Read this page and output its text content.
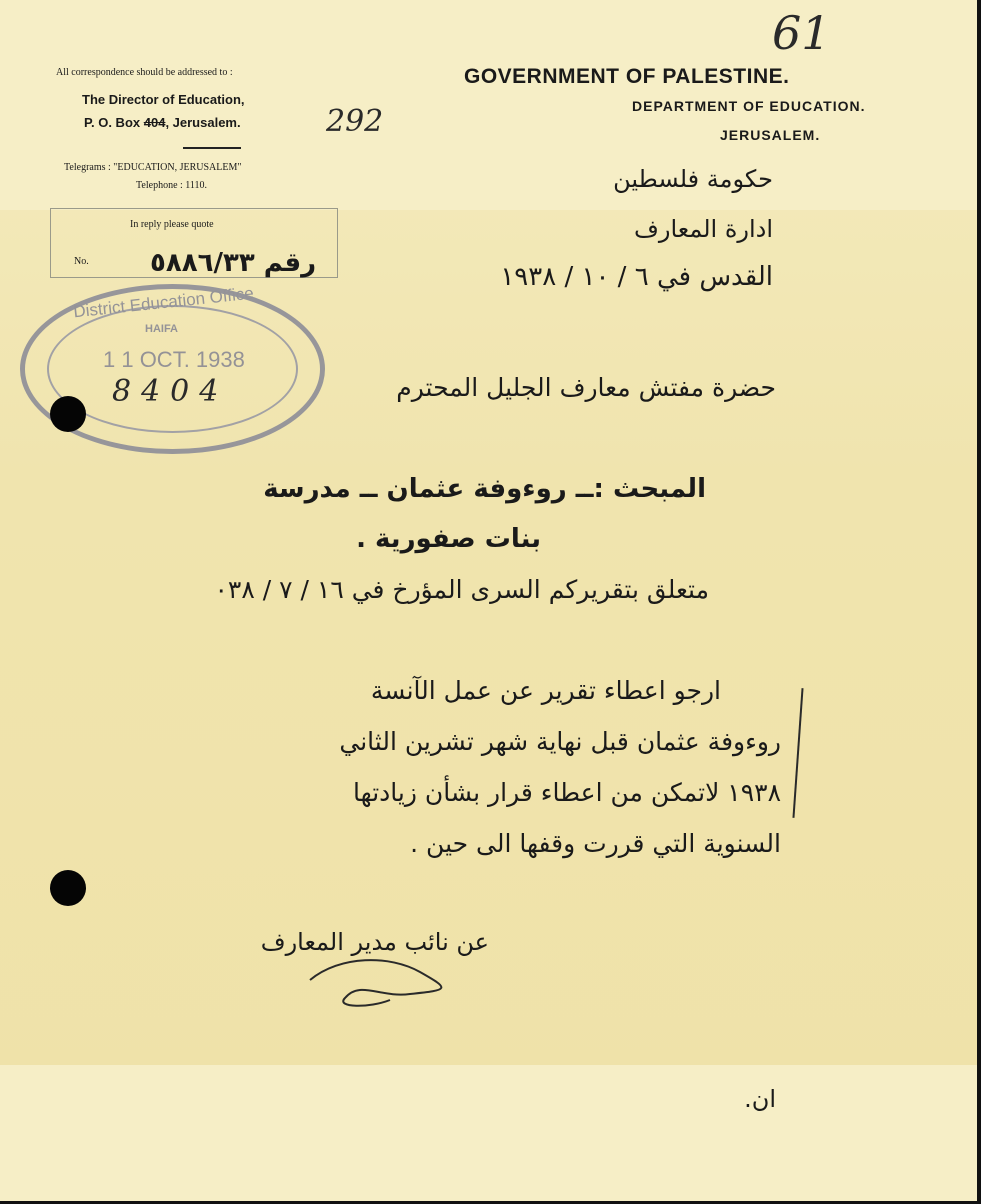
61
All correspondence should be addressed to :
The Director of Education,
P. O. Box 404, Jerusalem.	292
Telegrams : "EDUCATION, JERUSALEM"
Telephone : 1110.
In reply please quote
No. رقم ٥٨٨٦/٣٣
GOVERNMENT OF PALESTINE.
DEPARTMENT OF EDUCATION.
JERUSALEM.
حكومة فلسطين
ادارة المعارف
القدس في ٦ / ١٠ / ١٩٣٨
District Education Office
HAIFA
1 1 OCT. 1938
8404	حضرة مفتش معارف الجليل المحترم
المبحث :ــ روءوفة عثمان ــ مدرسة
بنات صفورية .
متعلق بتقريركم السرى المؤرخ في ١٦ / ٧ / ٠٣٨
ارجو اعطاء تقرير عن عمل الآنسة
روءوفة عثمان قبل نهاية شهر تشرين الثاني
١٩٣٨ لاتمكن من اعطاء قرار بشأن زيادتها
السنوية التي قررت وقفها الى حين .
عن نائب مدير المعارف
ان.
